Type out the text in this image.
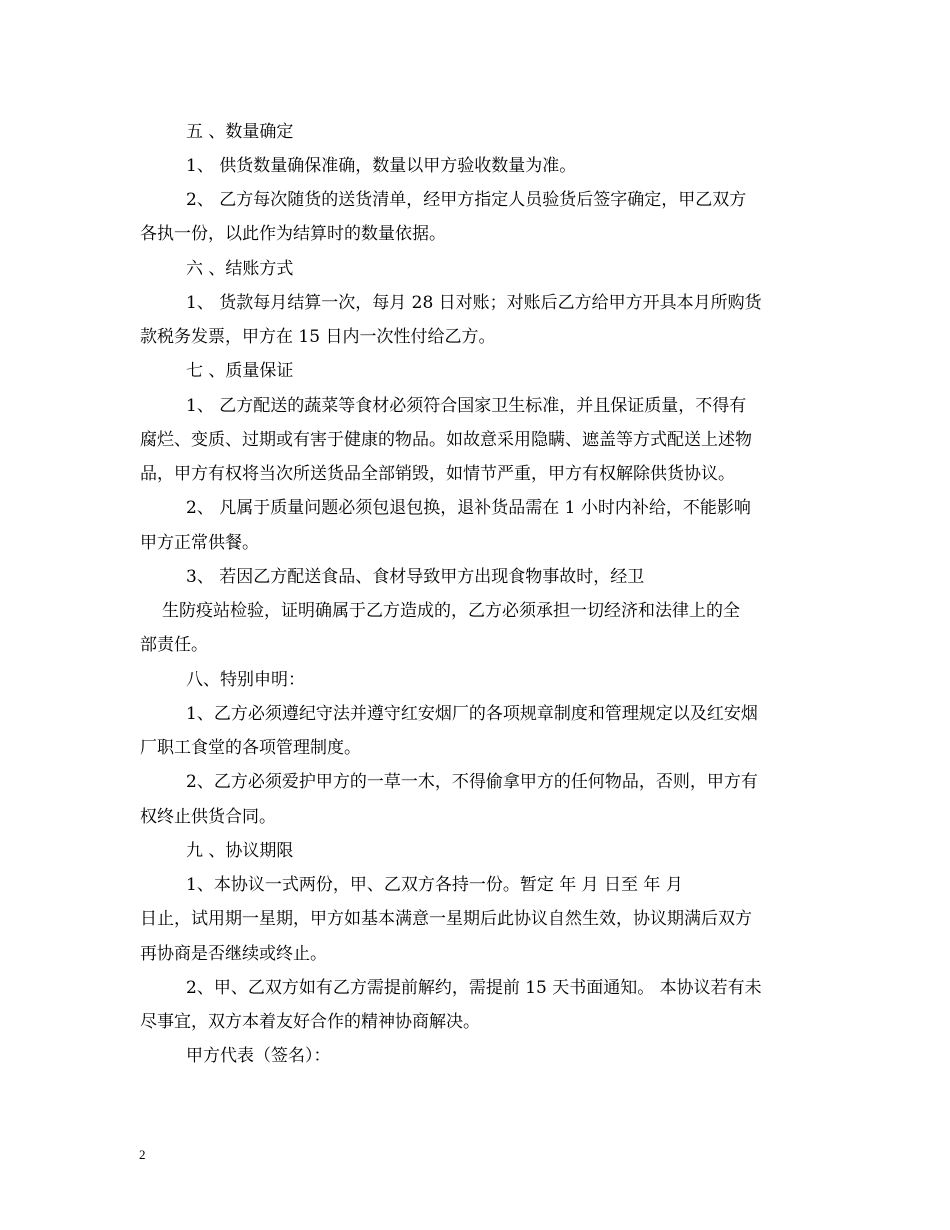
五 、数量确定
1、 供货数量确保准确，数量以甲方验收数量为准。
2、 乙方每次随货的送货清单，经甲方指定人员验货后签字确定，甲乙双方
各执一份，以此作为结算时的数量依据。
六 、结账方式
1、 货款每月结算一次，每月 28 日对账；对账后乙方给甲方开具本月所购货
款税务发票，甲方在 15 日内一次性付给乙方。
七 、质量保证
1、 乙方配送的蔬菜等食材必须符合国家卫生标准，并且保证质量，不得有
腐烂、变质、过期或有害于健康的物品。如故意采用隐瞒、遮盖等方式配送上述物
品，甲方有权将当次所送货品全部销毁，如情节严重，甲方有权解除供货协议。
2、 凡属于质量问题必须包退包换，退补货品需在 1 小时内补给，不能影响
甲方正常供餐。
3、 若因乙方配送食品、食材导致甲方出现食物事故时，经卫
生防疫站检验，证明确属于乙方造成的，乙方必须承担一切经济和法律上的全
部责任。
八、特别申明：
1、乙方必须遵纪守法并遵守红安烟厂的各项规章制度和管理规定以及红安烟
厂职工食堂的各项管理制度。
2、乙方必须爱护甲方的一草一木，不得偷拿甲方的任何物品，否则，甲方有
权终止供货合同。
九 、协议期限
1、本协议一式两份，甲、乙双方各持一份。暂定 年 月 日至 年 月
日止，试用期一星期，甲方如基本满意一星期后此协议自然生效，协议期满后双方
再协商是否继续或终止。
2、甲、乙双方如有乙方需提前解约，需提前 15 天书面通知。 本协议若有未
尽事宜，双方本着友好合作的精神协商解决。
甲方代表（签名）：
2
